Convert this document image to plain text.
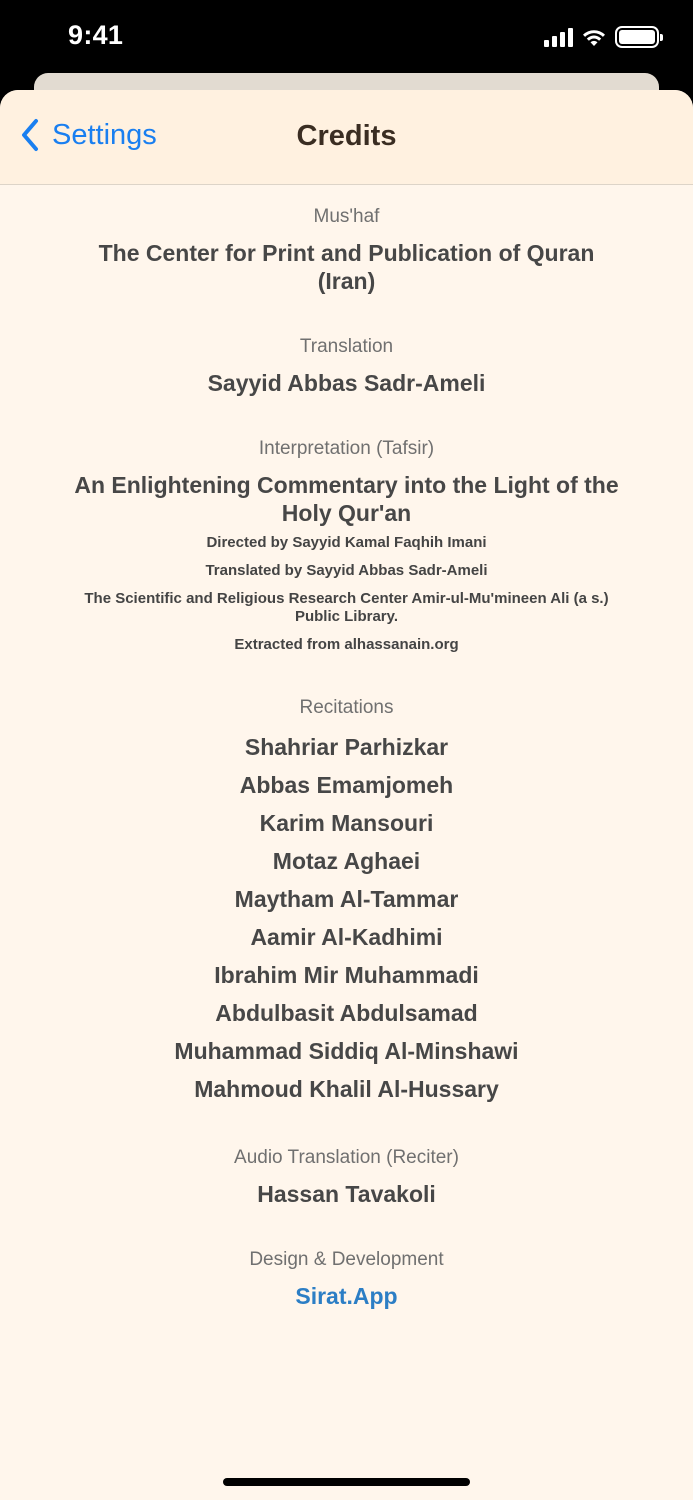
9:41
Settings	Credits
Mus'haf
The Center for Print and Publication of Quran
(Iran)
Translation
Sayyid Abbas Sadr-Ameli
Interpretation (Tafsir)
An Enlightening Commentary into the Light of the
Holy Qur'an
Directed by Sayyid Kamal Faqhih Imani
Translated by Sayyid Abbas Sadr-Ameli
The Scientific and Religious Research Center Amir-ul-Mu'mineen Ali (a s.)
Public Library.
Extracted from alhassanain.org
Recitations
Shahriar Parhizkar
Abbas Emamjomeh
Karim Mansouri
Motaz Aghaei
Maytham Al-Tammar
Aamir Al-Kadhimi
Ibrahim Mir Muhammadi
Abdulbasit Abdulsamad
Muhammad Siddiq Al-Minshawi
Mahmoud Khalil Al-Hussary
Audio Translation (Reciter)
Hassan Tavakoli
Design & Development
Sirat.App
